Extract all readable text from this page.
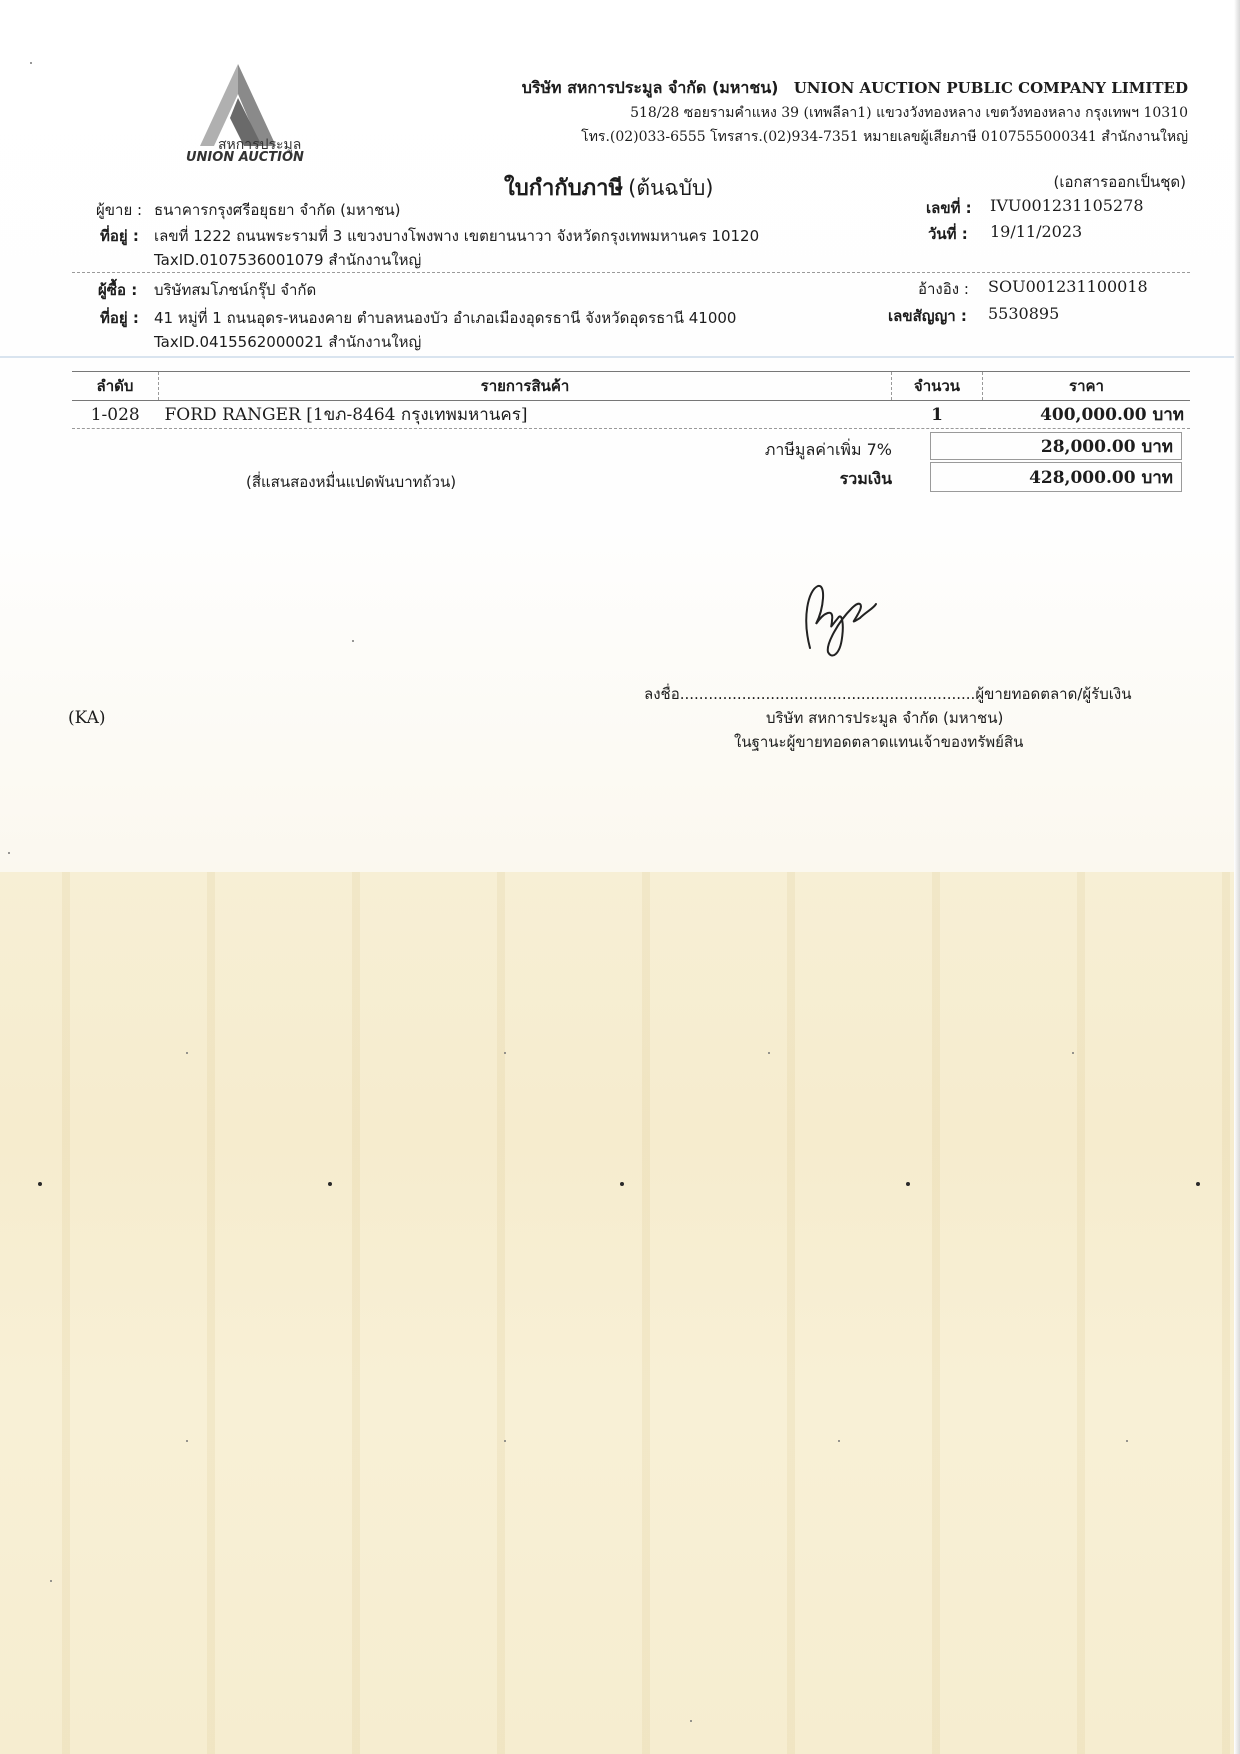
สหการประมูล
UNION AUCTION
บริษัท สหการประมูล จำกัด (มหาชน) UNION AUCTION PUBLIC COMPANY LIMITED
518/28 ซอยรามคำแหง 39 (เทพลีลา1) แขวงวังทองหลาง เขตวังทองหลาง กรุงเทพฯ 10310
โทร.(02)033-6555 โทรสาร.(02)934-7351 หมายเลขผู้เสียภาษี 0107555000341 สำนักงานใหญ่
ใบกำกับภาษี (ต้นฉบับ)	(เอกสารออกเป็นชุด)
ผู้ขาย : ธนาคารกรุงศรีอยุธยา จำกัด (มหาชน)
ที่อยู่ : เลขที่ 1222 ถนนพระรามที่ 3 แขวงบางโพงพาง เขตยานนาวา จังหวัดกรุงเทพมหานคร 10120
TaxID.0107536001079 สำนักงานใหญ่
เลขที่ : IVU001231105278
วันที่ : 19/11/2023
ผู้ซื้อ : บริษัทสมโภชน์กรุ๊ป จำกัด
ที่อยู่ : 41 หมู่ที่ 1 ถนนอุดร-หนองคาย ตำบลหนองบัว อำเภอเมืองอุดรธานี จังหวัดอุดรธานี 41000
TaxID.0415562000021 สำนักงานใหญ่
อ้างอิง : SOU001231100018
เลขสัญญา : 5530895
ลำดับ	รายการสินค้า	จำนวน	ราคา
1-028	FORD RANGER [1ขภ-8464 กรุงเทพมหานคร]	1	400,000.00 บาท
ภาษีมูลค่าเพิ่ม 7%	28,000.00 บาท
(สี่แสนสองหมื่นแปดพันบาทถ้วน)	รวมเงิน	428,000.00 บาท
ลงชื่อ..............................................................ผู้ขายทอดตลาด/ผู้รับเงิน
บริษัท สหการประมูล จำกัด (มหาชน)
ในฐานะผู้ขายทอดตลาดแทนเจ้าของทรัพย์สิน
(KA)
